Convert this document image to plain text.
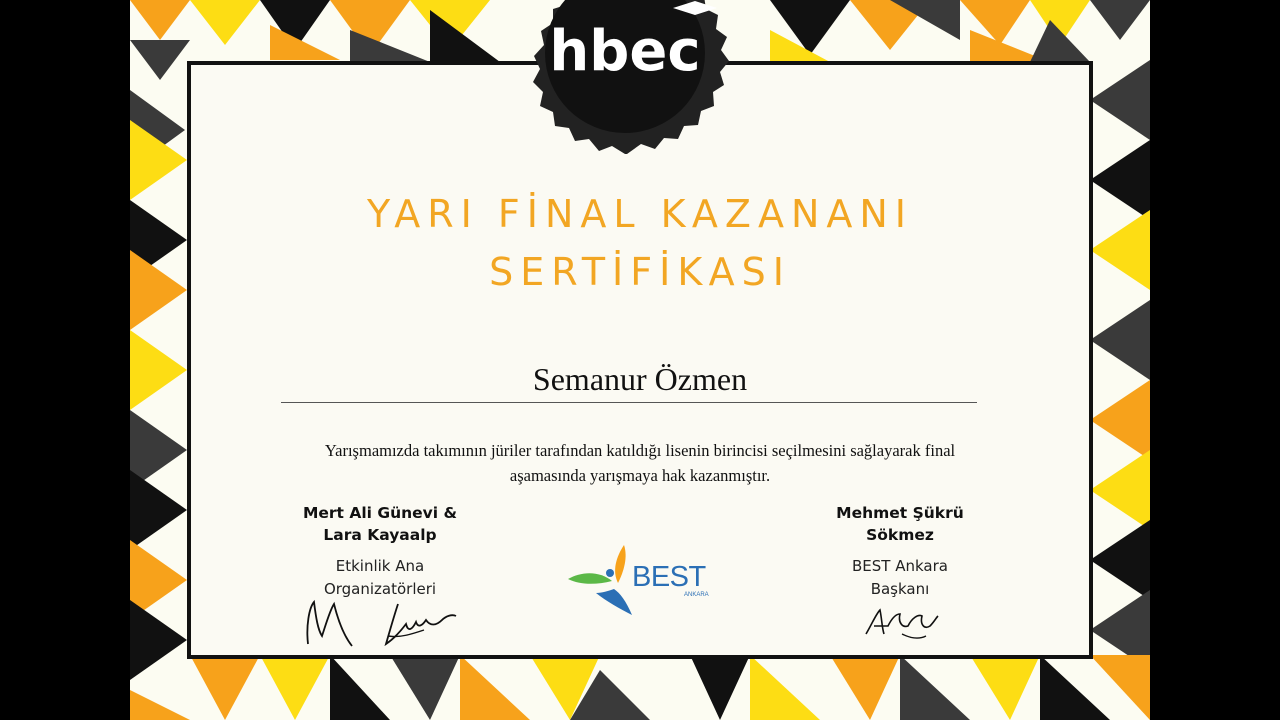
hbec
YARI FİNAL KAZANANI
SERTİFİKASI
Semanur Özmen
Yarışmamızda takımının jüriler tarafından katıldığı lisenin birincisi seçilmesini sağlayarak final aşamasında yarışmaya hak kazanmıştır.
Mert Ali Günevi &
Lara Kayaalp
Etkinlik Ana
Organizatörleri
Mehmet Şükrü
Sökmez
BEST Ankara
Başkanı
BEST
ANKARA
